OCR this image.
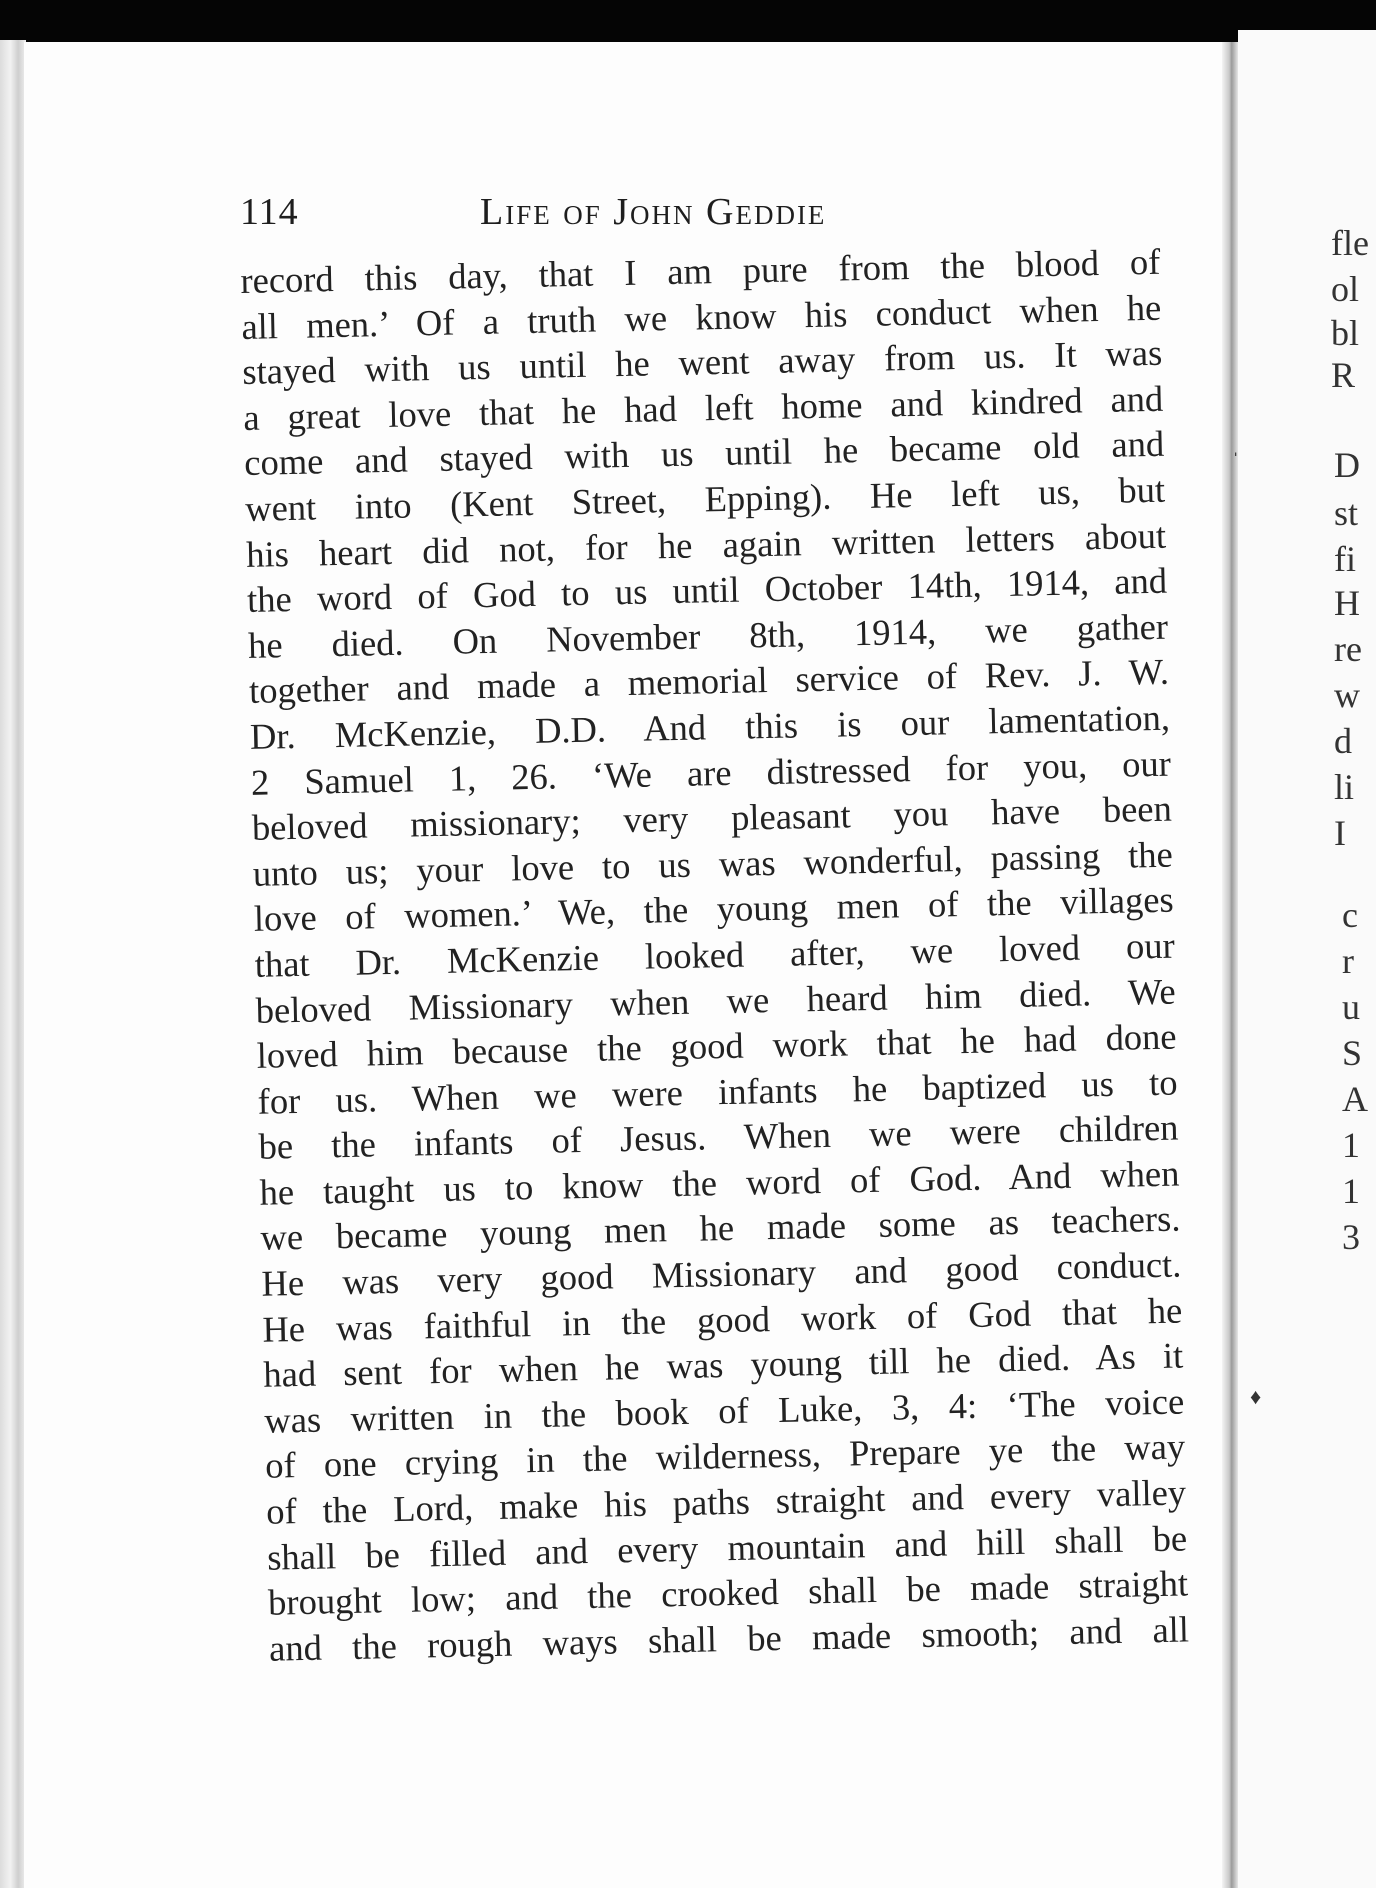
fle
ol
bl
R
D
st
fi
H
re
w
d
li
I
c
r
u
S
A
1
1
3
114	Life of John Geddie
record this day, that I am pure from the blood of
all men.’ Of a truth we know his conduct when he
stayed with us until he went away from us. It was
a great love that he had left home and kindred and
come and stayed with us until he became old and
went into (Kent Street, Epping). He left us, but
his heart did not, for he again written letters about
the word of God to us until October 14th, 1914, and
he died. On November 8th, 1914, we gather
together and made a memorial service of Rev. J. W.
Dr. McKenzie, D.D. And this is our lamentation,
2 Samuel 1, 26. ‘We are distressed for you, our
beloved missionary; very pleasant you have been
unto us; your love to us was wonderful, passing the
love of women.’ We, the young men of the villages
that Dr. McKenzie looked after, we loved our
beloved Missionary when we heard him died. We
loved him because the good work that he had done
for us. When we were infants he baptized us to
be the infants of Jesus. When we were children
he taught us to know the word of God. And when
we became young men he made some as teachers.
He was very good Missionary and good conduct.
He was faithful in the good work of God that he
had sent for when he was young till he died. As it
was written in the book of Luke, 3, 4: ‘The voice
of one crying in the wilderness, Prepare ye the way
of the Lord, make his paths straight and every valley
shall be filled and every mountain and hill shall be
brought low; and the crooked shall be made straight
and the rough ways shall be made smooth; and all
ˈ
♦
